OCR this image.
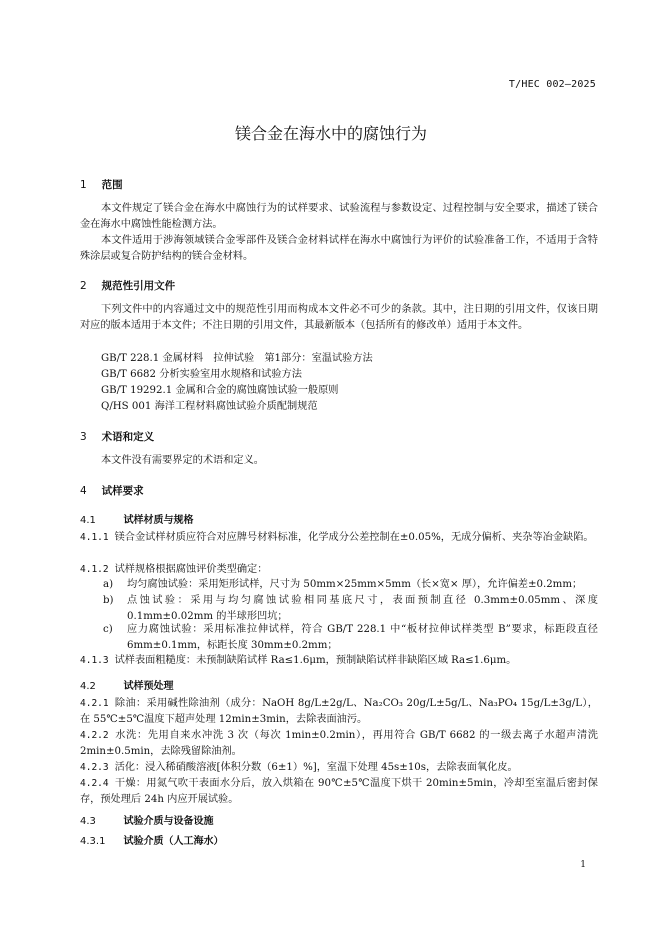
T/HEC 002—2025
镁合金在海水中的腐蚀行为
1 范围

本文件规定了镁合金在海水中腐蚀行为的试样要求、试验流程与参数设定、过程控制与安全要求，描述了镁合金在海水中腐蚀性能检测方法。

本文件适用于涉海领域镁合金零部件及镁合金材料试样在海水中腐蚀行为评价的试验准备工作，不适用于含特殊涂层或复合防护结构的镁合金材料。

2 规范性引用文件

下列文件中的内容通过文中的规范性引用而构成本文件必不可少的条款。其中，注日期的引用文件，仅该日期对应的版本适用于本文件；不注日期的引用文件，其最新版本（包括所有的修改单）适用于本文件。

GB/T 228.1 金属材料　拉伸试验　第1部分：室温试验方法
GB/T 6682 分析实验室用水规格和试验方法
GB/T 19292.1 金属和合金的腐蚀腐蚀试验一般原则
Q/HS 001 海洋工程材料腐蚀试验介质配制规范
3 术语和定义

本文件没有需要界定的术语和定义。

4 试样要求
4.1	试样材质与规格

4.1.1 镁合金试样材质应符合对应牌号材料标准，化学成分公差控制在±0.05%，无成分偏析、夹杂等冶金缺陷。

4.1.2 试样规格根据腐蚀评价类型确定：

a) 均匀腐蚀试验：采用矩形试样，尺寸为 50mm×25mm×5mm（长×宽× 厚），允许偏差±0.2mm；
b) 点蚀试验：采用与均匀腐蚀试验相同基底尺寸，表面预制直径 0.3mm±0.05mm、深度 0.1mm±0.02mm 的半球形凹坑；
c) 应力腐蚀试验：采用标准拉伸试样，符合 GB/T 228.1 中“板材拉伸试样类型 B”要求，标距段直径 6mm±0.1mm，标距长度 30mm±0.2mm；

4.1.3 试样表面粗糙度：未预制缺陷试样 Ra≤1.6μm，预制缺陷试样非缺陷区域 Ra≤1.6μm。

4.2	试样预处理

4.2.1 除油：采用碱性除油剂（成分：NaOH 8g/L±2g/L、Na₂CO₃ 20g/L±5g/L、Na₃PO₄ 15g/L±3g/L），在 55℃±5℃温度下超声处理 12min±3min，去除表面油污。

4.2.2 水洗：先用自来水冲洗 3 次（每次 1min±0.2min），再用符合 GB/T 6682 的一级去离子水超声清洗 2min±0.5min，去除残留除油剂。

4.2.3 活化：浸入稀硝酸溶液[体积分数（6±1）%]，室温下处理 45s±10s，去除表面氧化皮。

4.2.4 干燥：用氮气吹干表面水分后，放入烘箱在 90℃±5℃温度下烘干 20min±5min，冷却至室温后密封保存，预处理后 24h 内应开展试验。

4.3	试验介质与设备设施
4.3.1 试验介质（人工海水）
1
